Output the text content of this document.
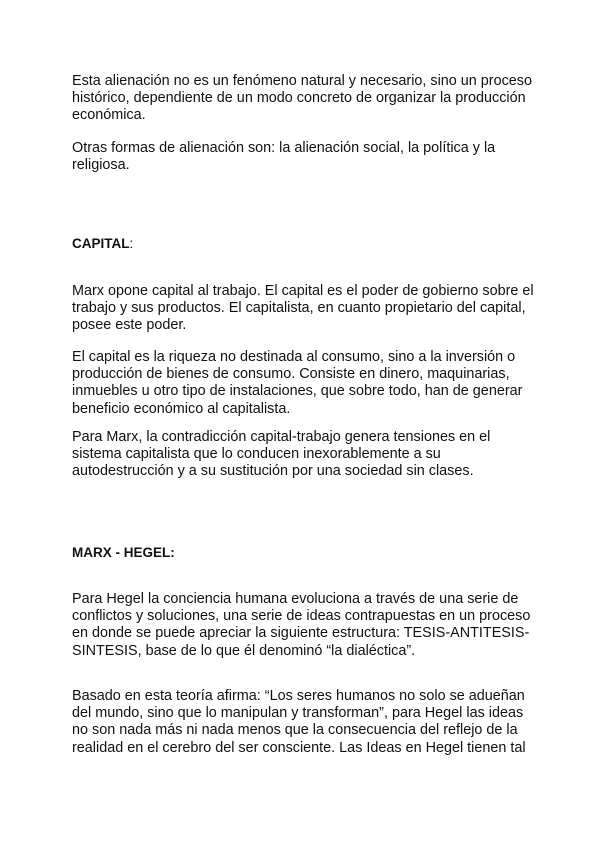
Esta alienación no es un fenómeno natural y necesario, sino un proceso histórico, dependiente de un modo concreto de organizar la producción económica.

Otras formas de alienación son: la alienación social, la política y la religiosa.

CAPITAL:

Marx opone capital al trabajo. El capital es el poder de gobierno sobre el trabajo y sus productos. El capitalista, en cuanto propietario del capital, posee este poder.

El capital es la riqueza no destinada al consumo, sino a la inversión o producción de bienes de consumo. Consiste en dinero, maquinarias, inmuebles u otro tipo de instalaciones, que sobre todo, han de generar beneficio económico al capitalista.

Para Marx, la contradicción capital-trabajo genera tensiones en el sistema capitalista que lo conducen inexorablemente a su autodestrucción y a su sustitución por una sociedad sin clases.

MARX - HEGEL:

Para Hegel la conciencia humana evoluciona a través de una serie de conflictos y soluciones, una serie de ideas contrapuestas en un proceso en donde se puede apreciar la siguiente estructura: TESIS-ANTITESIS-SINTESIS, base de lo que él denominó “la dialéctica”.

Basado en esta teoría afirma: “Los seres humanos no solo se adueñan del mundo, sino que lo manipulan y transforman”, para Hegel las ideas no son nada más ni nada menos que la consecuencia del reflejo de la realidad en el cerebro del ser consciente. Las Ideas en Hegel tienen tal
